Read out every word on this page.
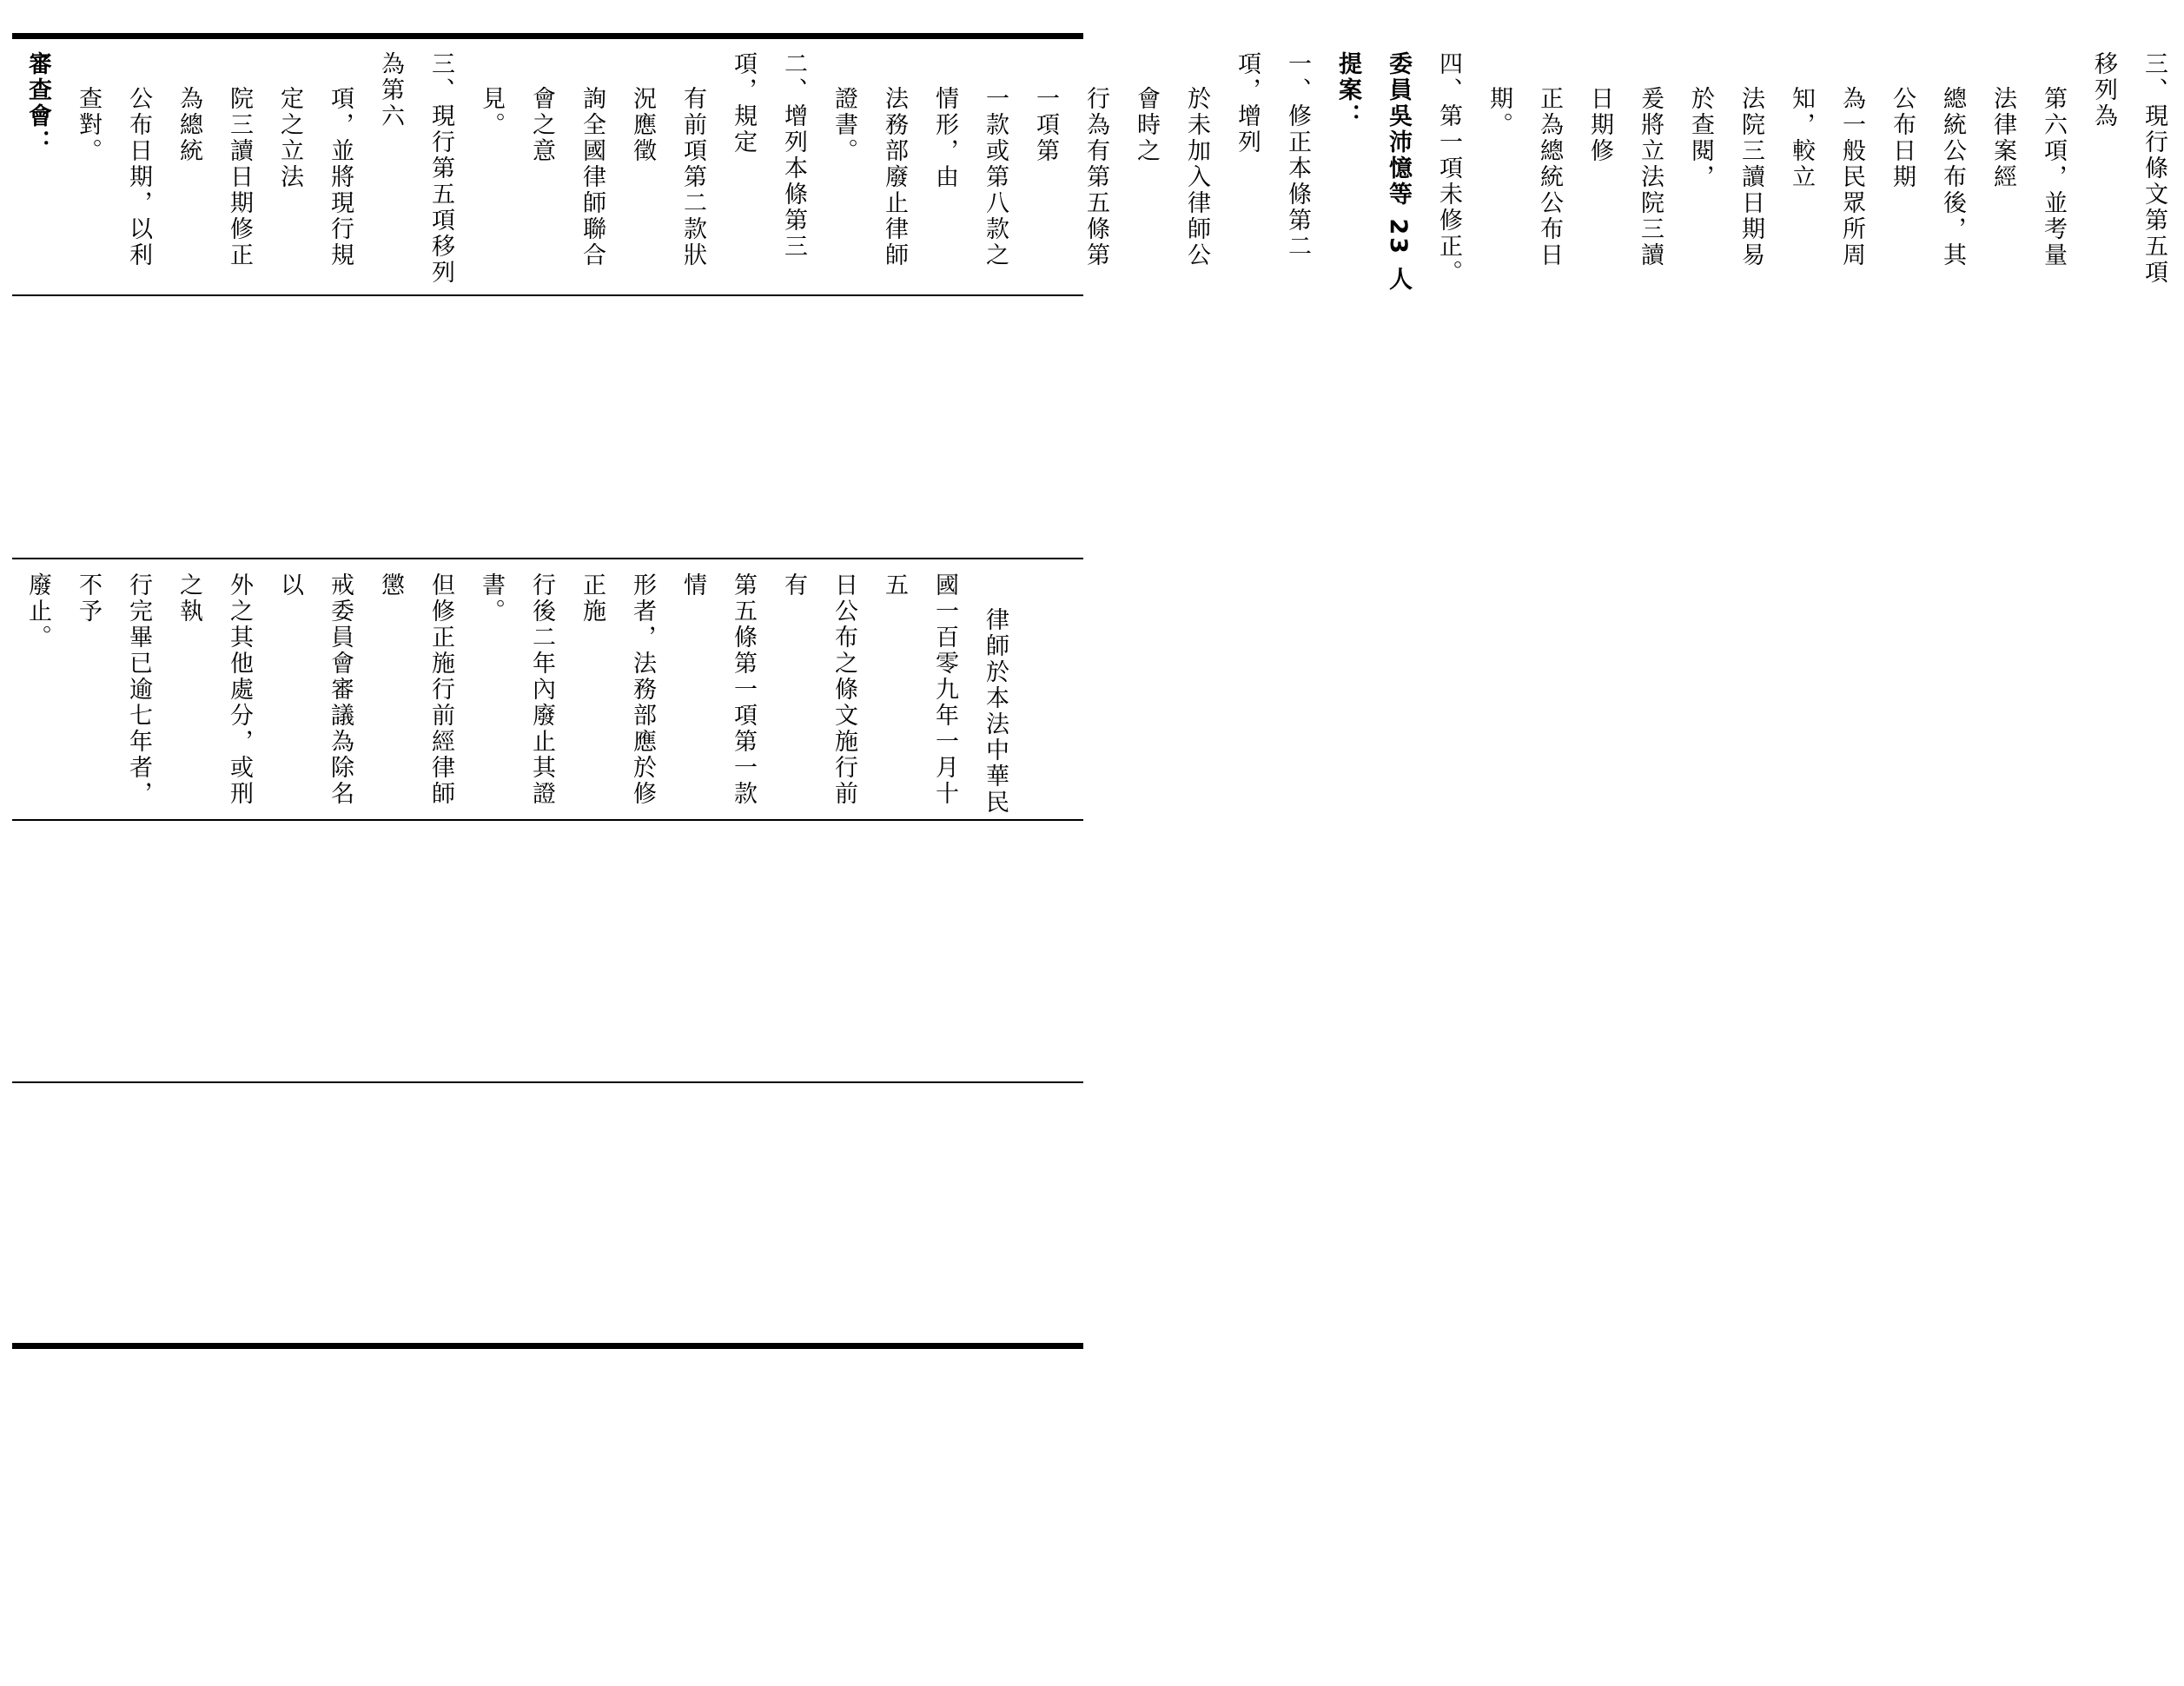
三、現行條文第五項移列為
第六項，並考量法律案經
總統公布後，其公布日期
為一般民眾所周知，較立
法院三讀日期易於查閱，
爰將立法院三讀日期修
正為總統公布日期。
四、第一項未修正。
委員吳沛憶等 23 人提案：
一、修正本條第二項，增列
於未加入律師公會時之
行為有第五條第一項第
一款或第八款之情形，由
法務部廢止律師證書。
二、增列本條第三項，規定
有前項第二款狀況應徵
詢全國律師聯合會之意
見。
三、現行第五項移列為第六
項，並將現行規定之立法
院三讀日期修正為總統
公布日期，以利查對。
審查會：
律師於本法中華民
國一百零九年一月十五
日公布之條文施行前有
第五條第一項第一款情
形者，法務部應於修正施
行後二年內廢止其證書。
但修正施行前經律師懲
戒委員會審議為除名以
外之其他處分，或刑之執
行完畢已逾七年者，不予
廢止。
